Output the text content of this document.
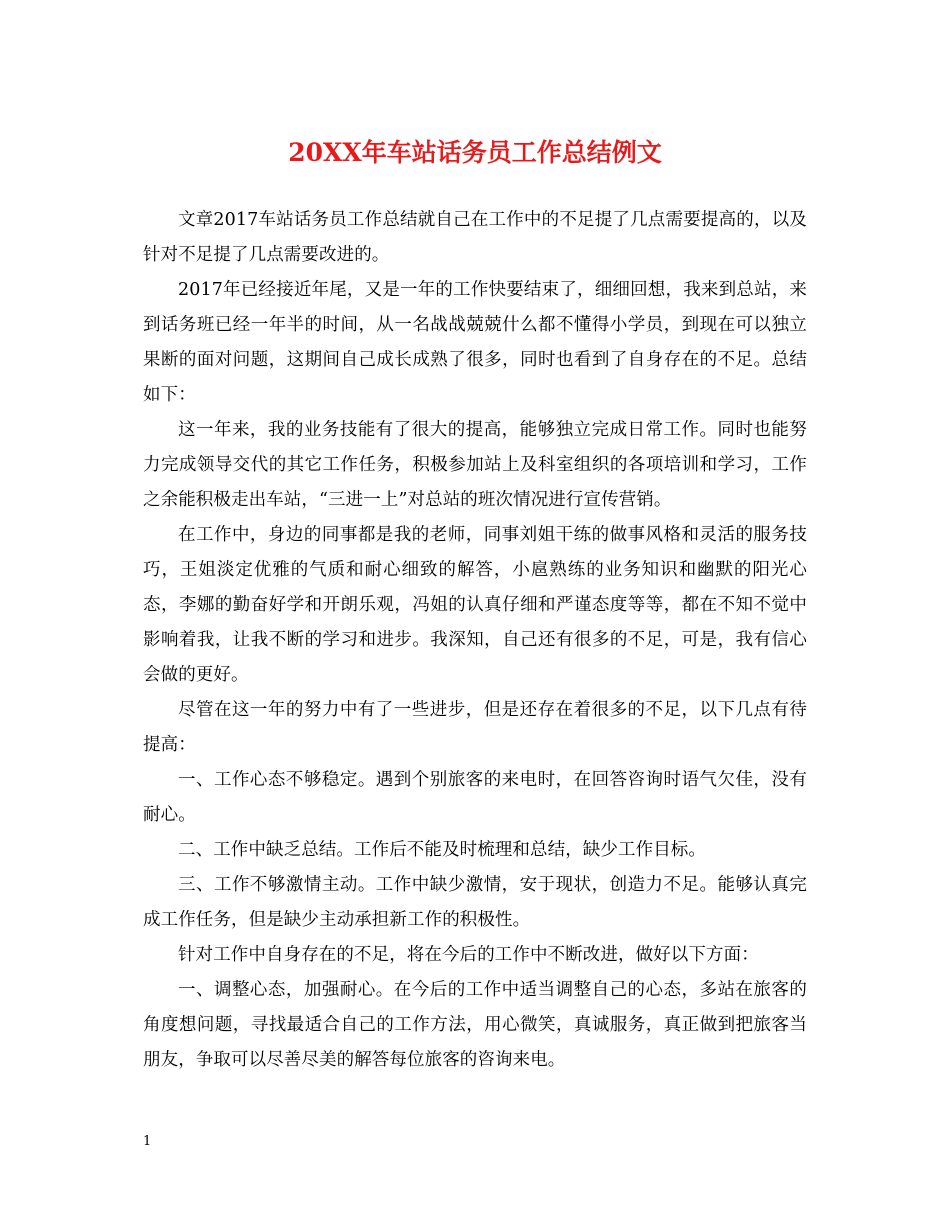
20XX年车站话务员工作总结例文

文章2017车站话务员工作总结就自己在工作中的不足提了几点需要提高的，以及针对不足提了几点需要改进的。

2017年已经接近年尾，又是一年的工作快要结束了，细细回想，我来到总站，来到话务班已经一年半的时间，从一名战战兢兢什么都不懂得小学员，到现在可以独立果断的面对问题，这期间自己成长成熟了很多，同时也看到了自身存在的不足。总结如下：

这一年来，我的业务技能有了很大的提高，能够独立完成日常工作。同时也能努力完成领导交代的其它工作任务，积极参加站上及科室组织的各项培训和学习，工作之余能积极走出车站，“三进一上”对总站的班次情况进行宣传营销。

在工作中，身边的同事都是我的老师，同事刘姐干练的做事风格和灵活的服务技巧，王姐淡定优雅的气质和耐心细致的解答，小扈熟练的业务知识和幽默的阳光心态，李娜的勤奋好学和开朗乐观，冯姐的认真仔细和严谨态度等等，都在不知不觉中影响着我，让我不断的学习和进步。我深知，自己还有很多的不足，可是，我有信心会做的更好。

尽管在这一年的努力中有了一些进步，但是还存在着很多的不足，以下几点有待提高：

一、工作心态不够稳定。遇到个别旅客的来电时，在回答咨询时语气欠佳，没有耐心。

二、工作中缺乏总结。工作后不能及时梳理和总结，缺少工作目标。

三、工作不够激情主动。工作中缺少激情，安于现状，创造力不足。能够认真完成工作任务，但是缺少主动承担新工作的积极性。

针对工作中自身存在的不足，将在今后的工作中不断改进，做好以下方面：

一、调整心态，加强耐心。在今后的工作中适当调整自己的心态，多站在旅客的角度想问题，寻找最适合自己的工作方法，用心微笑，真诚服务，真正做到把旅客当朋友，争取可以尽善尽美的解答每位旅客的咨询来电。

1
